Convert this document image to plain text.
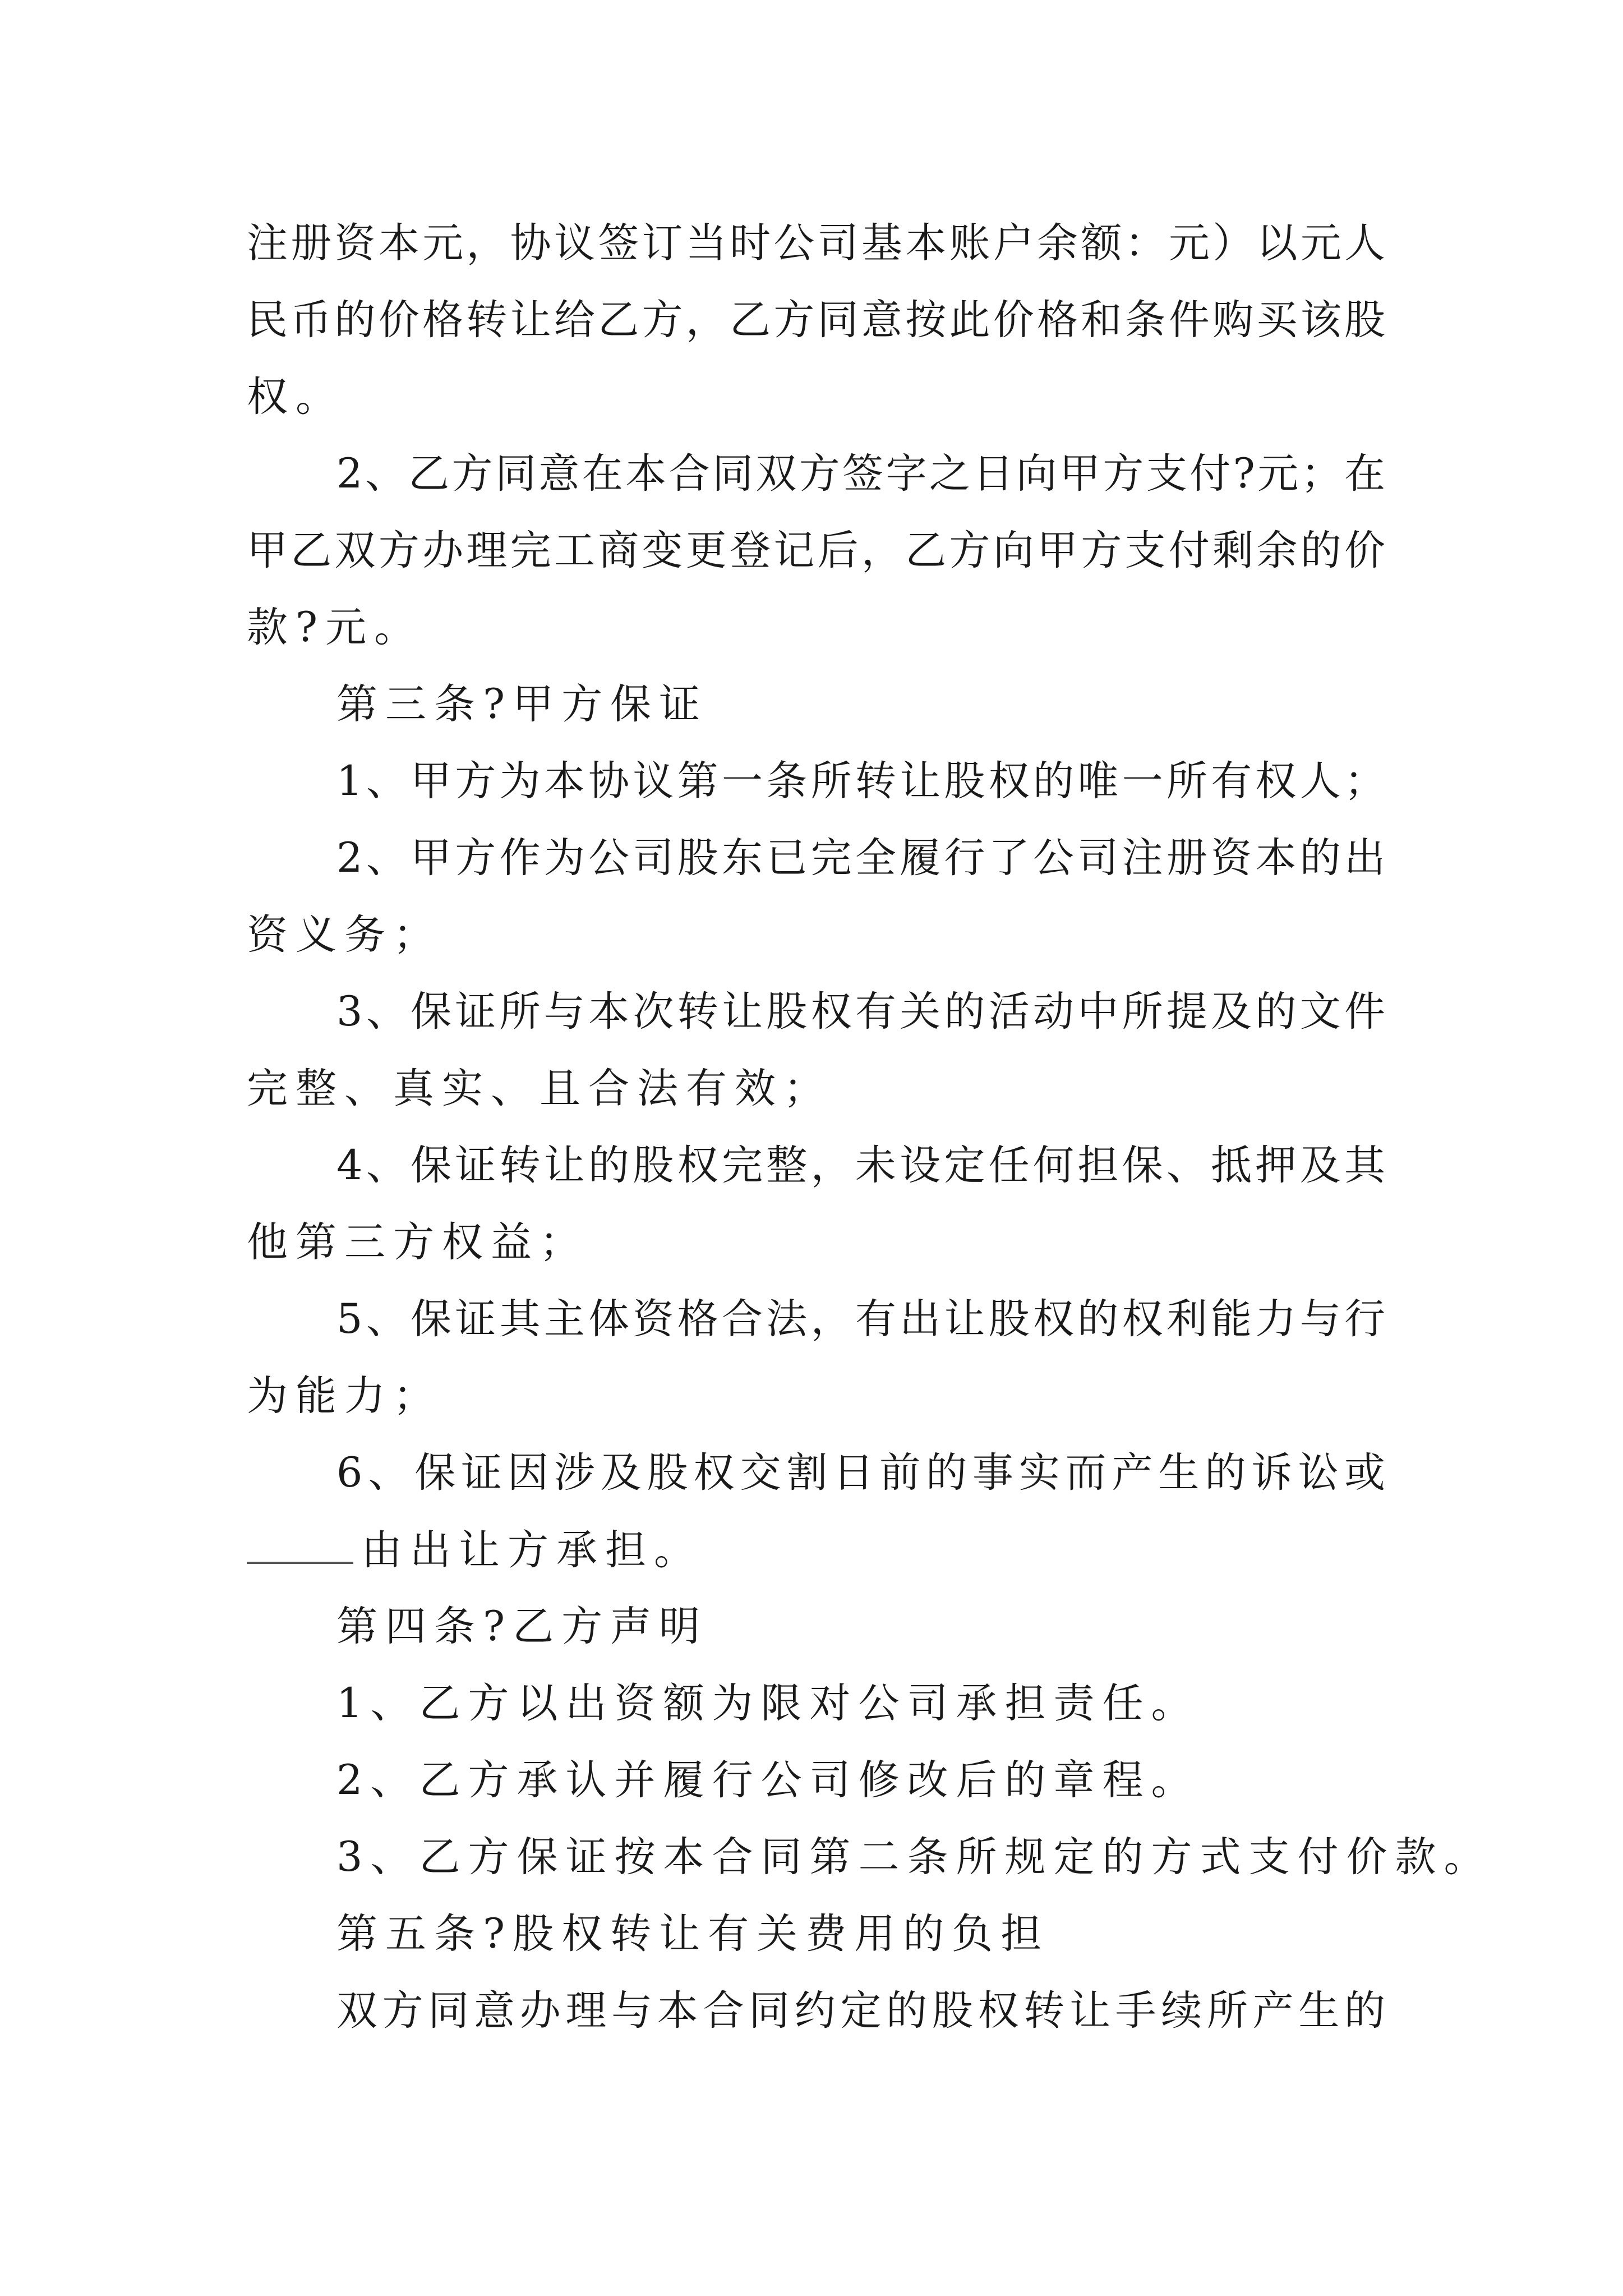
注册资本元，协议签订当时公司基本账户余额：元）以元人
民币的价格转让给乙方，乙方同意按此价格和条件购买该股
权。
2、乙方同意在本合同双方签字之日向甲方支付?元；在
甲乙双方办理完工商变更登记后，乙方向甲方支付剩余的价
款?元。
第三条?甲方保证
1、甲方为本协议第一条所转让股权的唯一所有权人；
2、甲方作为公司股东已完全履行了公司注册资本的出
资义务；
3、保证所与本次转让股权有关的活动中所提及的文件
完整、真实、且合法有效；
4、保证转让的股权完整，未设定任何担保、抵押及其
他第三方权益；
5、保证其主体资格合法，有出让股权的权利能力与行
为能力；
6、保证因涉及股权交割日前的事实而产生的诉讼或
由出让方承担。
第四条?乙方声明
1、乙方以出资额为限对公司承担责任。
2、乙方承认并履行公司修改后的章程。
3、乙方保证按本合同第二条所规定的方式支付价款。
第五条?股权转让有关费用的负担
双方同意办理与本合同约定的股权转让手续所产生的
